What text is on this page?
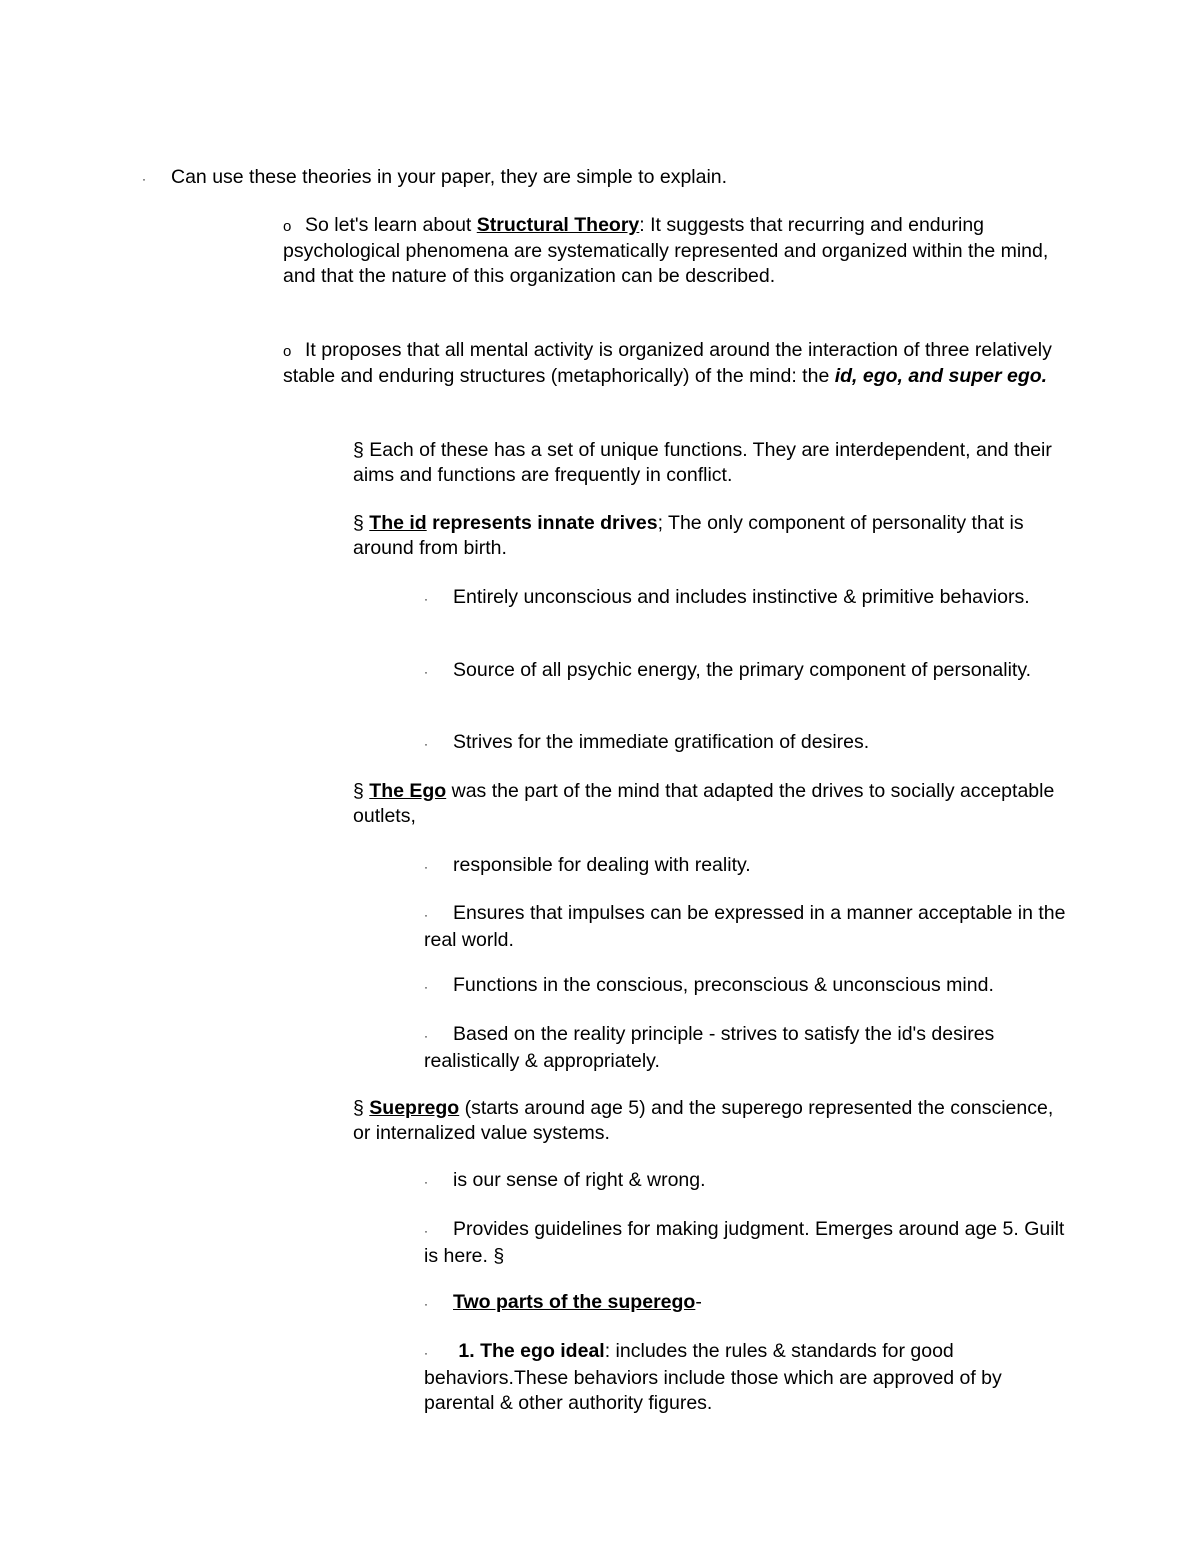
· Can use these theories in your paper, they are simple to explain.

o So let's learn about Structural Theory: It suggests that recurring and enduring psychological phenomena are systematically represented and organized within the mind, and that the nature of this organization can be described.

o It proposes that all mental activity is organized around the interaction of three relatively stable and enduring structures (metaphorically) of the mind: the id, ego, and super ego.

§ Each of these has a set of unique functions. They are interdependent, and their aims and functions are frequently in conflict.

§ The id represents innate drives; The only component of personality that is around from birth.

· Entirely unconscious and includes instinctive & primitive behaviors.

· Source of all psychic energy, the primary component of personality.

· Strives for the immediate gratification of desires.

§ The Ego was the part of the mind that adapted the drives to socially acceptable outlets,

· responsible for dealing with reality.

· Ensures that impulses can be expressed in a manner acceptable in the real world.

· Functions in the conscious, preconscious & unconscious mind.

· Based on the reality principle - strives to satisfy the id's desires realistically & appropriately.

§ Sueprego (starts around age 5) and the superego represented the conscience, or internalized value systems.

· is our sense of right & wrong.

· Provides guidelines for making judgment. Emerges around age 5. Guilt is here. §

· Two parts of the superego-

· 1. The ego ideal: includes the rules & standards for good behaviors.These behaviors include those which are approved of by parental & other authority figures.
